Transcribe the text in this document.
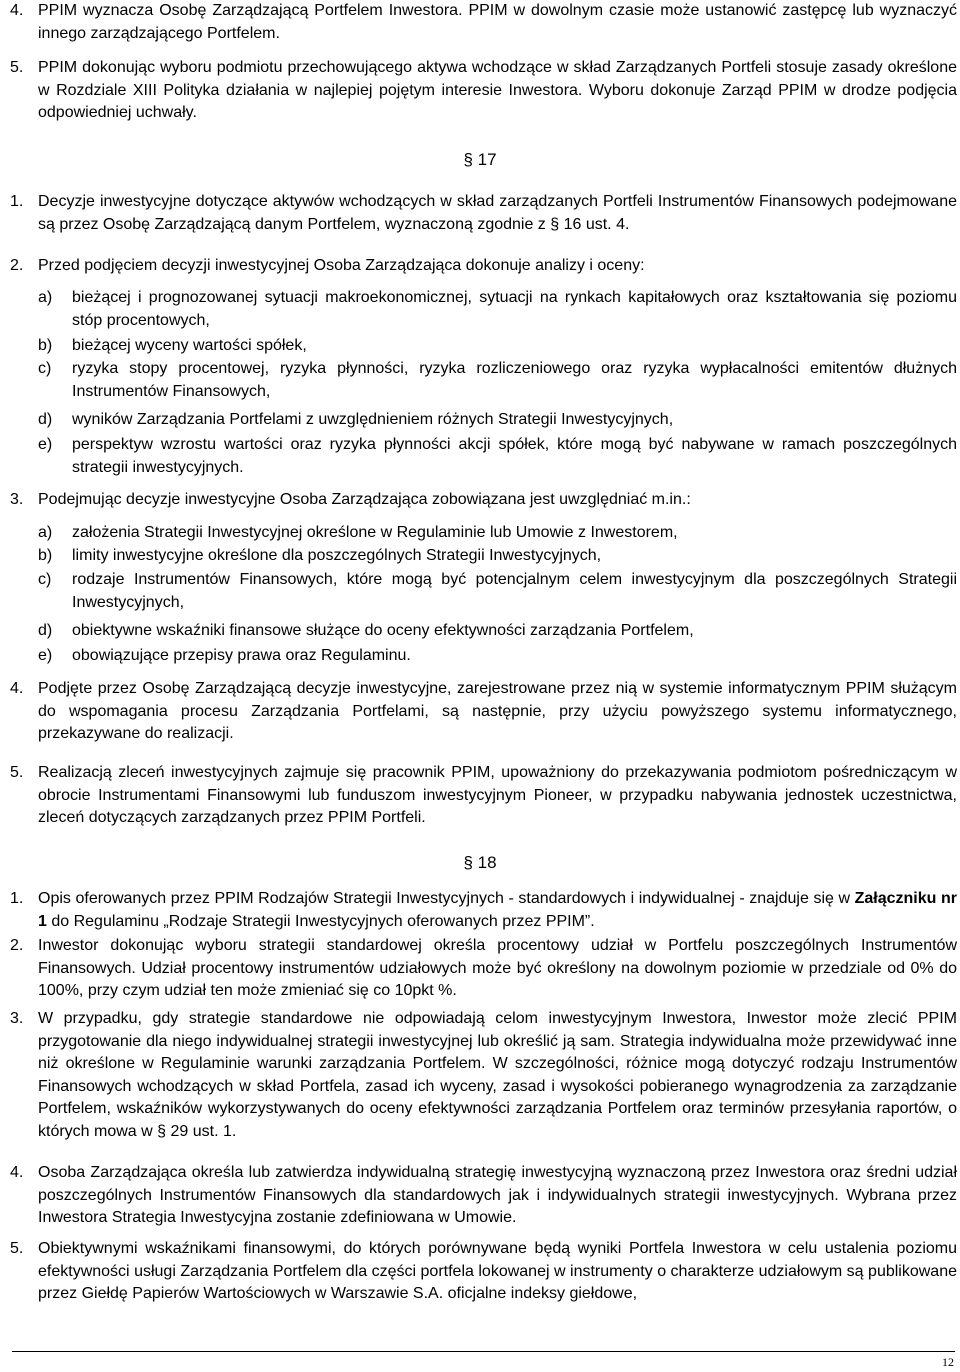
4. PPIM wyznacza Osobę Zarządzającą Portfelem Inwestora. PPIM w dowolnym czasie może ustanowić zastępcę lub wyznaczyć innego zarządzającego Portfelem.
5. PPIM dokonując wyboru podmiotu przechowującego aktywa wchodzące w skład Zarządzanych Portfeli stosuje zasady określone w Rozdziale XIII Polityka działania w najlepiej pojętym interesie Inwestora. Wyboru dokonuje Zarząd PPIM w drodze podjęcia odpowiedniej uchwały.
§ 17
1. Decyzje inwestycyjne dotyczące aktywów wchodzących w skład zarządzanych Portfeli Instrumentów Finansowych podejmowane są przez Osobę Zarządzającą danym Portfelem, wyznaczoną zgodnie z § 16 ust. 4.
2. Przed podjęciem decyzji inwestycyjnej Osoba Zarządzająca dokonuje analizy i oceny:
a) bieżącej i prognozowanej sytuacji makroekonomicznej, sytuacji na rynkach kapitałowych oraz kształtowania się poziomu stóp procentowych,
b) bieżącej wyceny wartości spółek,
c) ryzyka stopy procentowej, ryzyka płynności, ryzyka rozliczeniowego oraz ryzyka wypłacalności emitentów dłużnych Instrumentów Finansowych,
d) wyników Zarządzania Portfelami z uwzględnieniem różnych Strategii Inwestycyjnych,
e) perspektyw wzrostu wartości oraz ryzyka płynności akcji spółek, które mogą być nabywane w ramach poszczególnych strategii inwestycyjnych.
3. Podejmując decyzje inwestycyjne Osoba Zarządzająca zobowiązana jest uwzględniać m.in.:
a) założenia Strategii Inwestycyjnej określone w Regulaminie lub Umowie z Inwestorem,
b) limity inwestycyjne określone dla poszczególnych Strategii Inwestycyjnych,
c) rodzaje Instrumentów Finansowych, które mogą być potencjalnym celem inwestycyjnym dla poszczególnych Strategii Inwestycyjnych,
d) obiektywne wskaźniki finansowe służące do oceny efektywności zarządzania Portfelem,
e) obowiązujące przepisy prawa oraz Regulaminu.
4. Podjęte przez Osobę Zarządzającą decyzje inwestycyjne, zarejestrowane przez nią w systemie informatycznym PPIM służącym do wspomagania procesu Zarządzania Portfelami, są następnie, przy użyciu powyższego systemu informatycznego, przekazywane do realizacji.
5. Realizacją zleceń inwestycyjnych zajmuje się pracownik PPIM, upoważniony do przekazywania podmiotom pośredniczącym w obrocie Instrumentami Finansowymi lub funduszom inwestycyjnym Pioneer, w przypadku nabywania jednostek uczestnictwa, zleceń dotyczących zarządzanych przez PPIM Portfeli.
§ 18
1. Opis oferowanych przez PPIM Rodzajów Strategii Inwestycyjnych - standardowych i indywidualnej - znajduje się w Załączniku nr 1 do Regulaminu „Rodzaje Strategii Inwestycyjnych oferowanych przez PPIM”.
2. Inwestor dokonując wyboru strategii standardowej określa procentowy udział w Portfelu poszczególnych Instrumentów Finansowych. Udział procentowy instrumentów udziałowych może być określony na dowolnym poziomie w przedziale od 0% do 100%, przy czym udział ten może zmieniać się co 10pkt %.
3. W przypadku, gdy strategie standardowe nie odpowiadają celom inwestycyjnym Inwestora, Inwestor może zlecić PPIM przygotowanie dla niego indywidualnej strategii inwestycyjnej lub określić ją sam. Strategia indywidualna może przewidywać inne niż określone w Regulaminie warunki zarządzania Portfelem. W szczególności, różnice mogą dotyczyć rodzaju Instrumentów Finansowych wchodzących w skład Portfela, zasad ich wyceny, zasad i wysokości pobieranego wynagrodzenia za zarządzanie Portfelem, wskaźników wykorzystywanych do oceny efektywności zarządzania Portfelem oraz terminów przesyłania raportów, o których mowa w § 29 ust. 1.
4. Osoba Zarządzająca określa lub zatwierdza indywidualną strategię inwestycyjną wyznaczoną przez Inwestora oraz średni udział poszczególnych Instrumentów Finansowych dla standardowych jak i indywidualnych strategii inwestycyjnych. Wybrana przez Inwestora Strategia Inwestycyjna zostanie zdefiniowana w Umowie.
5. Obiektywnymi wskaźnikami finansowymi, do których porównywane będą wyniki Portfela Inwestora w celu ustalenia poziomu efektywności usługi Zarządzania Portfelem dla części portfela lokowanej w instrumenty o charakterze udziałowym są publikowane przez Giełdę Papierów Wartościowych w Warszawie S.A. oficjalne indeksy giełdowe,
12
